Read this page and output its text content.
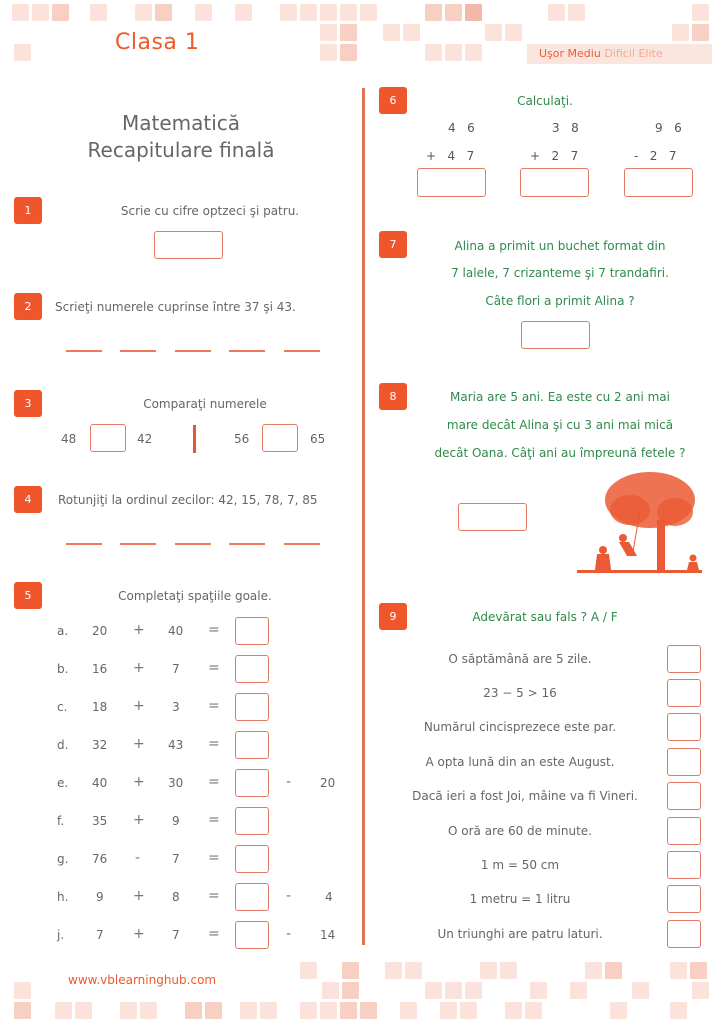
Clasa 1	Uşor Mediu Dificil Elite
Matematică
Recapitulare finală
1	Scrie cu cifre optzeci şi patru.
2	Scrieţi numerele cuprinse între 37 şi 43.
3	Comparaţi numerele
48	42	56	65
4	Rotunjiţi la ordinul zecilor: 42, 15, 78, 7, 85
5	Completaţi spaţiile goale.
a. 20 + 40 =
b. 16 + 7 =
c. 18 + 3 =
d. 32 + 43 =
e. 40 + 30 =	- 20
f. 35 + 9 =
g. 76 -	7 =
h. 9 + 8 =	-	4
j.	7 + 7 =	- 14
6	Calculaţi.
4   6
+   4   7
3   8
+   2   7
9   6
-   2   7
7	Alina a primit un buchet format din
7 lalele, 7 crizanteme şi 7 trandafiri.
Câte flori a primit Alina ?
8	Maria are 5 ani. Ea este cu 2 ani mai
mare decât Alina şi cu 3 ani mai mică
decât Oana. Câţi ani au împreună fetele ?
9	Adevărat sau fals ? A / F
O săptămână are 5 zile.
23 − 5 > 16
Numărul cincisprezece este par.
A opta lună din an este August.
Dacă ieri a fost Joi, mâine va fi Vineri.
O oră are 60 de minute.
1 m = 50 cm
1 metru = 1 litru
Un triunghi are patru laturi.
www.vblearninghub.com
